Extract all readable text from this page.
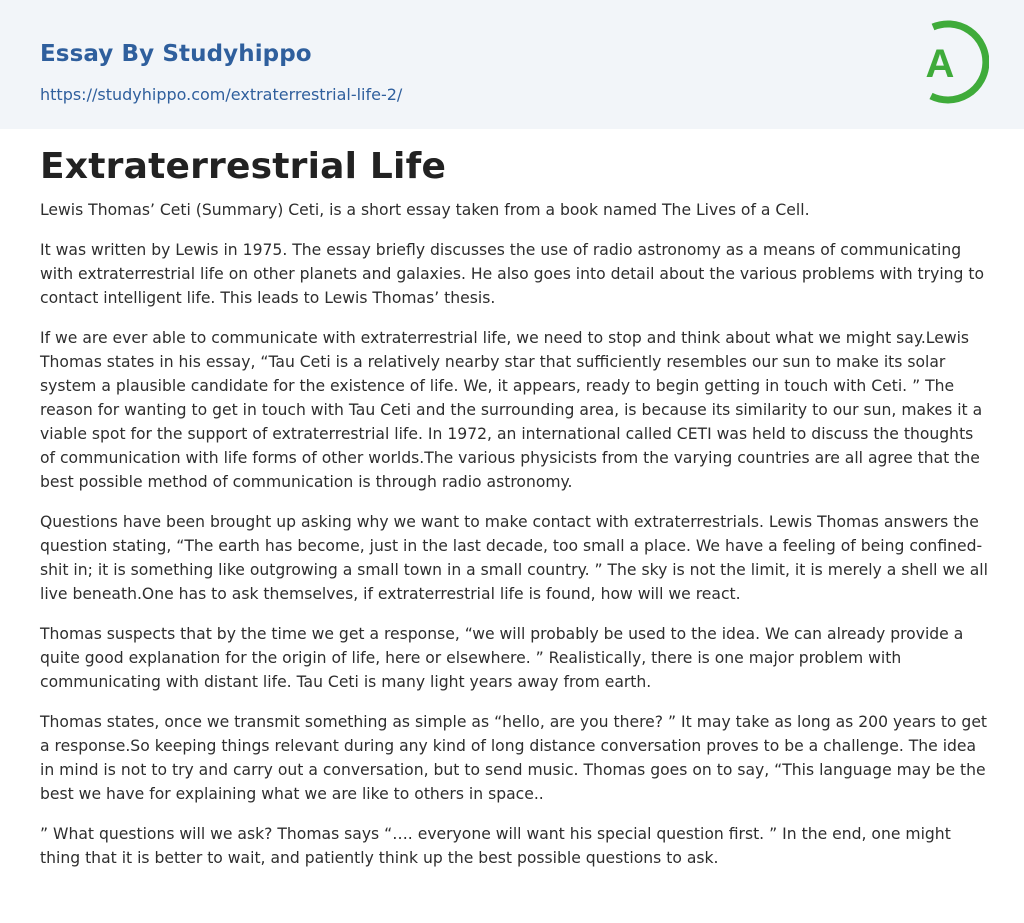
Essay By Studyhippo
https://studyhippo.com/extraterrestrial-life-2/
A
Extraterrestrial Life

Lewis Thomas’ Ceti (Summary) Ceti, is a short essay taken from a book named The Lives of a Cell.

It was written by Lewis in 1975. The essay briefly discusses the use of radio astronomy as a means of communicating with extraterrestrial life on other planets and galaxies. He also goes into detail about the various problems with trying to contact intelligent life. This leads to Lewis Thomas’ thesis.

If we are ever able to communicate with extraterrestrial life, we need to stop and think about what we might say.Lewis Thomas states in his essay, “Tau Ceti is a relatively nearby star that sufficiently resembles our sun to make its solar system a plausible candidate for the existence of life. We, it appears, ready to begin getting in touch with Ceti. ” The reason for wanting to get in touch with Tau Ceti and the surrounding area, is because its similarity to our sun, makes it a viable spot for the support of extraterrestrial life. In 1972, an international called CETI was held to discuss the thoughts of communication with life forms of other worlds.The various physicists from the varying countries are all agree that the best possible method of communication is through radio astronomy.

Questions have been brought up asking why we want to make contact with extraterrestrials. Lewis Thomas answers the question stating, “The earth has become, just in the last decade, too small a place. We have a feeling of being confined-shit in; it is something like outgrowing a small town in a small country. ” The sky is not the limit, it is merely a shell we all live beneath.One has to ask themselves, if extraterrestrial life is found, how will we react.

Thomas suspects that by the time we get a response, “we will probably be used to the idea. We can already provide a quite good explanation for the origin of life, here or elsewhere. ” Realistically, there is one major problem with communicating with distant life. Tau Ceti is many light years away from earth.

Thomas states, once we transmit something as simple as “hello, are you there? ” It may take as long as 200 years to get a response.So keeping things relevant during any kind of long distance conversation proves to be a challenge. The idea in mind is not to try and carry out a conversation, but to send music. Thomas goes on to say, “This language may be the best we have for explaining what we are like to others in space..

” What questions will we ask? Thomas says “…. everyone will want his special question first. ” In the end, one might thing that it is better to wait, and patiently think up the best possible questions to ask.
